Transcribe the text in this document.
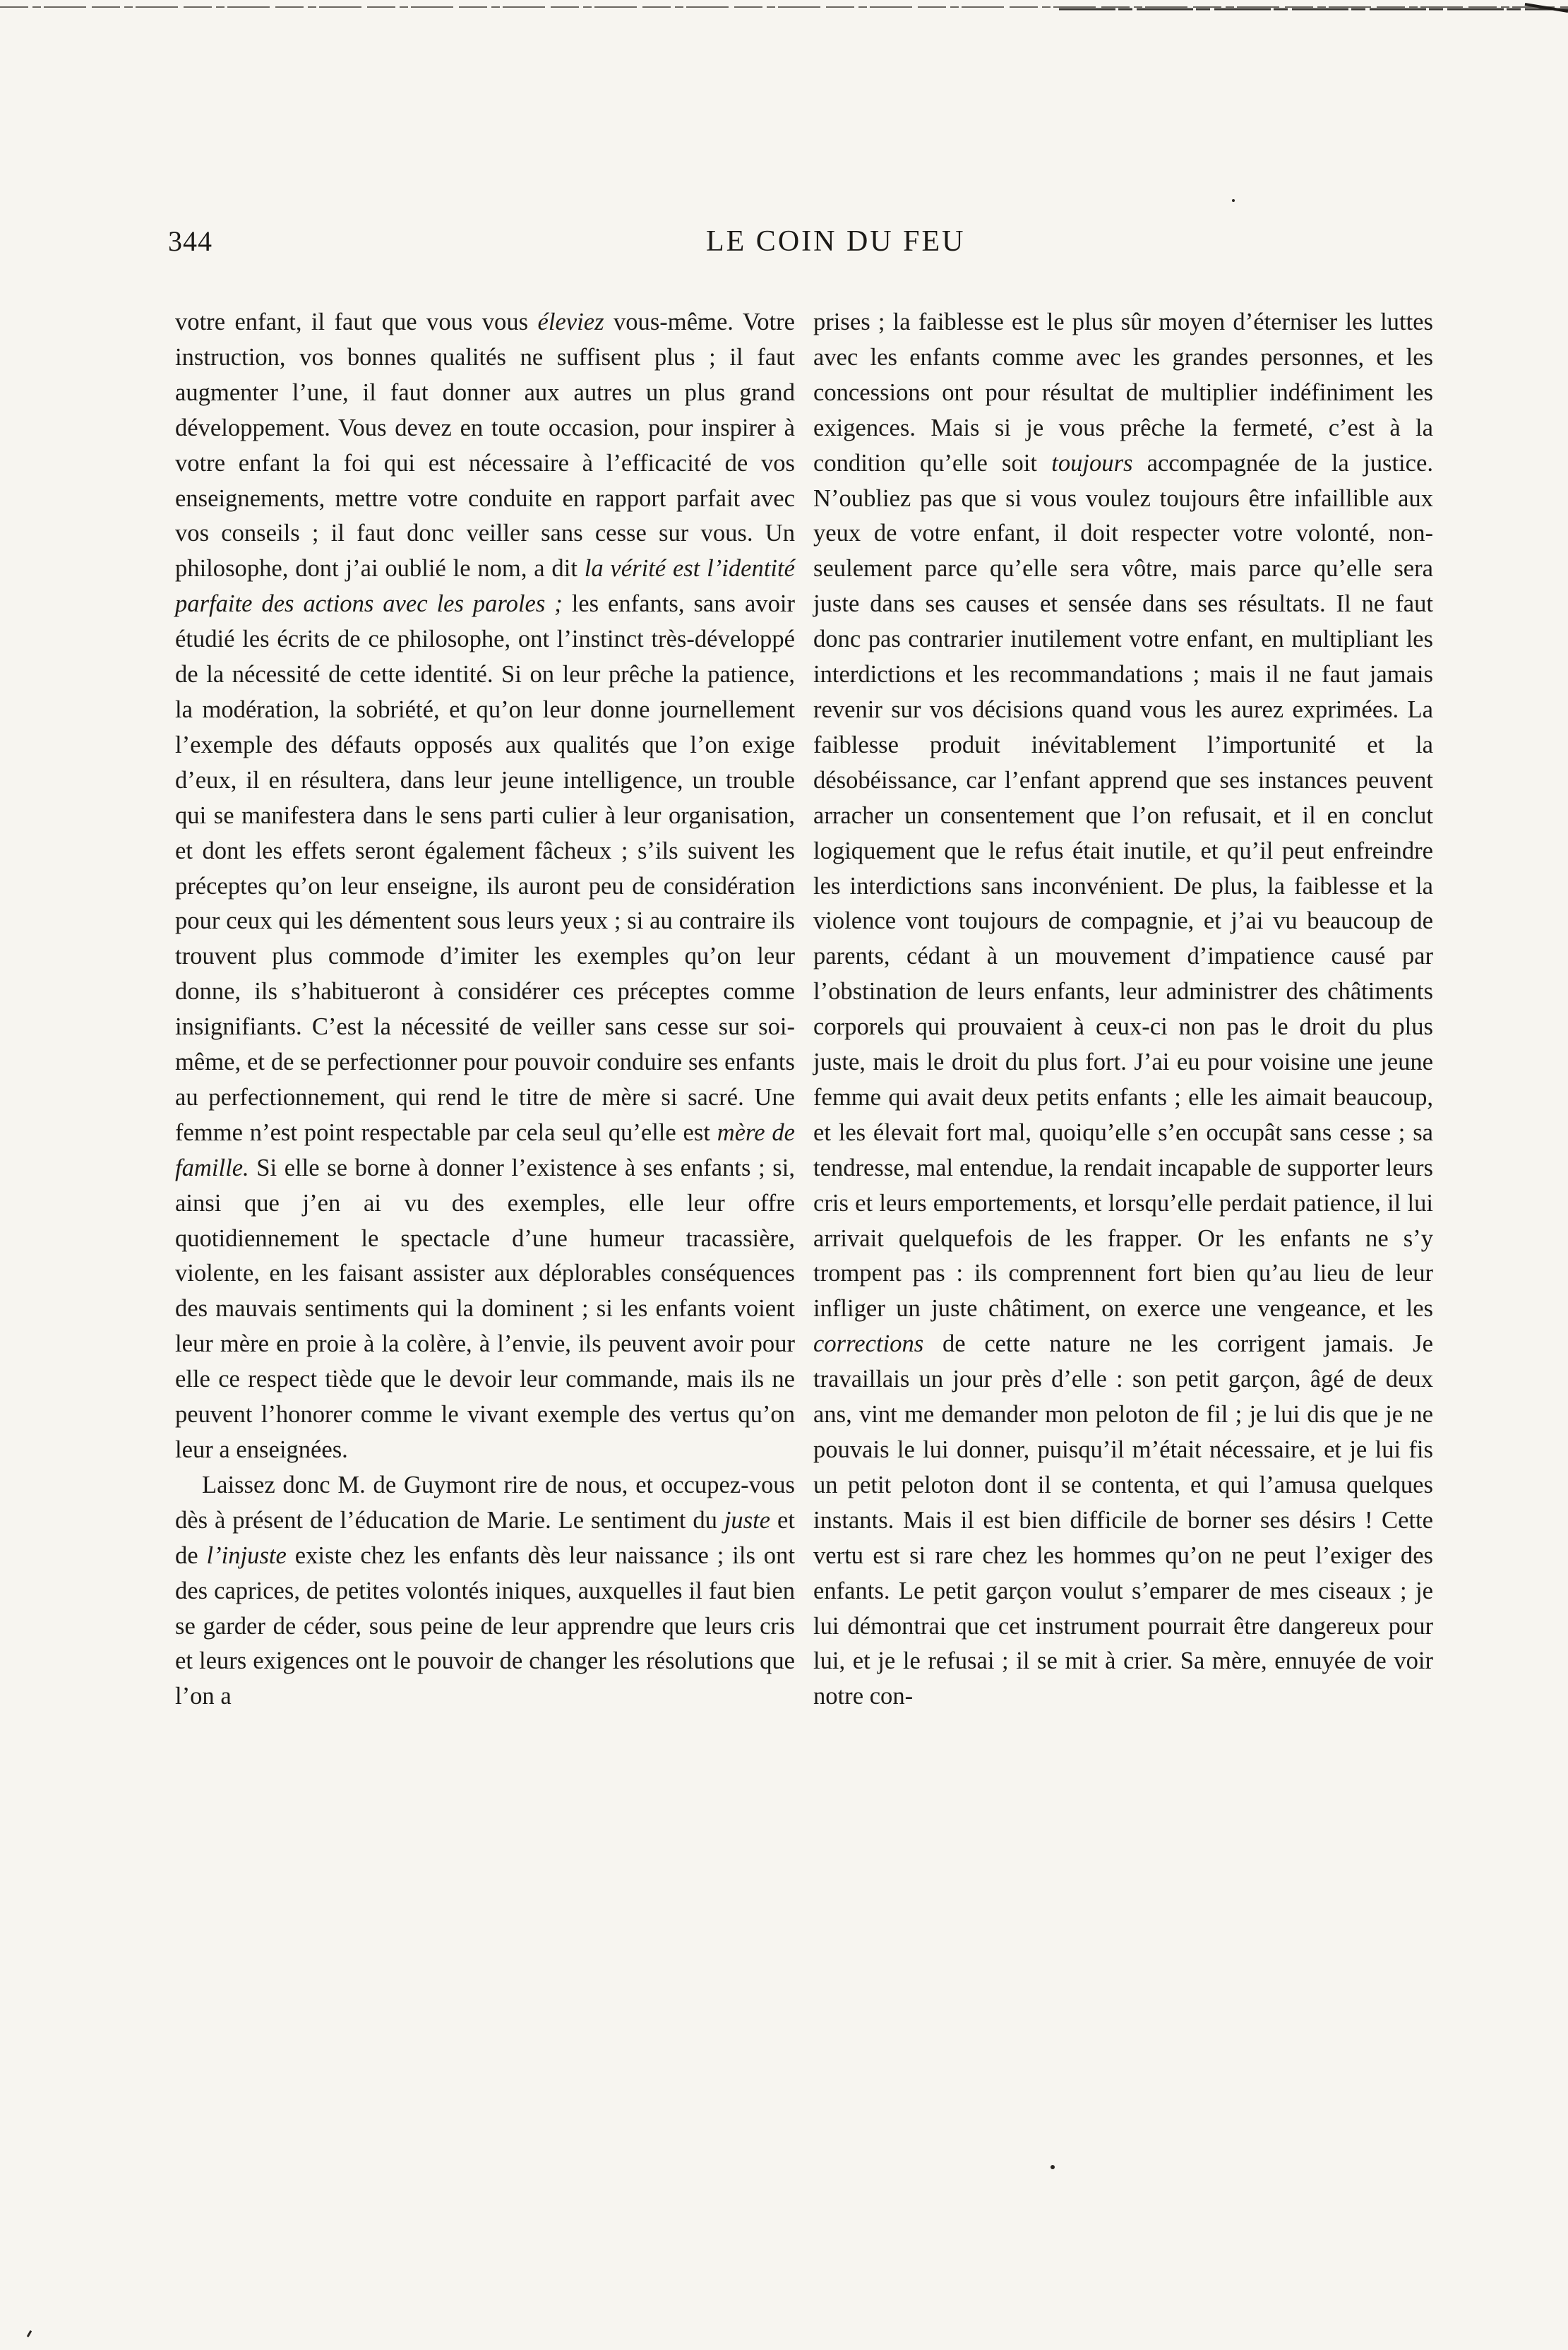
344	LE COIN DU FEU

votre enfant, il faut que vous vous éleviez vous-même. Votre instruction, vos bonnes qualités ne suffisent plus ; il faut augmenter l’une, il faut donner aux autres un plus grand développement. Vous devez en toute occasion, pour inspirer à votre enfant la foi qui est nécessaire à l’efficacité de vos enseignements, mettre votre conduite en rapport parfait avec vos conseils ; il faut donc veiller sans cesse sur vous. Un philosophe, dont j’ai oublié le nom, a dit la vérité est l’identité parfaite des actions avec les paroles ; les enfants, sans avoir étudié les écrits de ce philosophe, ont l’instinct très-développé de la nécessité de cette identité. Si on leur prêche la patience, la modération, la sobriété, et qu’on leur donne journellement l’exemple des défauts opposés aux qualités que l’on exige d’eux, il en résultera, dans leur jeune intelligence, un trouble qui se manifestera dans le sens parti culier à leur organisation, et dont les effets seront également fâcheux ; s’ils suivent les préceptes qu’on leur enseigne, ils auront peu de considération pour ceux qui les démentent sous leurs yeux ; si au contraire ils trouvent plus commode d’imiter les exemples qu’on leur donne, ils s’habitueront à considérer ces préceptes comme insignifiants. C’est la nécessité de veiller sans cesse sur soi-même, et de se perfectionner pour pouvoir conduire ses enfants au perfectionnement, qui rend le titre de mère si sacré. Une femme n’est point respectable par cela seul qu’elle est mère de famille. Si elle se borne à donner l’existence à ses enfants ; si, ainsi que j’en ai vu des exemples, elle leur offre quotidiennement le spectacle d’une humeur tracassière, violente, en les faisant assister aux déplorables conséquences des mauvais sentiments qui la dominent ; si les enfants voient leur mère en proie à la colère, à l’envie, ils peuvent avoir pour elle ce respect tiède que le devoir leur commande, mais ils ne peuvent l’honorer comme le vivant exemple des vertus qu’on leur a enseignées.

Laissez donc M. de Guymont rire de nous, et occupez-vous dès à présent de l’éducation de Marie. Le sentiment du juste et de l’injuste existe chez les enfants dès leur naissance ; ils ont des caprices, de petites volontés iniques, auxquelles il faut bien se garder de céder, sous peine de leur apprendre que leurs cris et leurs exigences ont le pouvoir de changer les résolutions que l’on a

prises ; la faiblesse est le plus sûr moyen d’éterniser les luttes avec les enfants comme avec les grandes personnes, et les concessions ont pour résultat de multiplier indéfiniment les exigences. Mais si je vous prêche la fermeté, c’est à la condition qu’elle soit toujours accompagnée de la justice. N’oubliez pas que si vous voulez toujours être infaillible aux yeux de votre enfant, il doit respecter votre volonté, non-seulement parce qu’elle sera vôtre, mais parce qu’elle sera juste dans ses causes et sensée dans ses résultats. Il ne faut donc pas contrarier inutilement votre enfant, en multipliant les interdictions et les recommandations ; mais il ne faut jamais revenir sur vos décisions quand vous les aurez exprimées. La faiblesse produit inévitablement l’importunité et la désobéissance, car l’enfant apprend que ses instances peuvent arracher un consentement que l’on refusait, et il en conclut logiquement que le refus était inutile, et qu’il peut enfreindre les interdictions sans inconvénient. De plus, la faiblesse et la violence vont toujours de compagnie, et j’ai vu beaucoup de parents, cédant à un mouvement d’impatience causé par l’obstination de leurs enfants, leur administrer des châtiments corporels qui prouvaient à ceux-ci non pas le droit du plus juste, mais le droit du plus fort. J’ai eu pour voisine une jeune femme qui avait deux petits enfants ; elle les aimait beaucoup, et les élevait fort mal, quoiqu’elle s’en occupât sans cesse ; sa tendresse, mal entendue, la rendait incapable de supporter leurs cris et leurs emportements, et lorsqu’elle perdait patience, il lui arrivait quelquefois de les frapper. Or les enfants ne s’y trompent pas : ils comprennent fort bien qu’au lieu de leur infliger un juste châtiment, on exerce une vengeance, et les corrections de cette nature ne les corrigent jamais. Je travaillais un jour près d’elle : son petit garçon, âgé de deux ans, vint me demander mon peloton de fil ; je lui dis que je ne pouvais le lui donner, puisqu’il m’était nécessaire, et je lui fis un petit peloton dont il se contenta, et qui l’amusa quelques instants. Mais il est bien difficile de borner ses désirs ! Cette vertu est si rare chez les hommes qu’on ne peut l’exiger des enfants. Le petit garçon voulut s’emparer de mes ciseaux ; je lui démontrai que cet instrument pourrait être dangereux pour lui, et je le refusai ; il se mit à crier. Sa mère, ennuyée de voir notre con-
